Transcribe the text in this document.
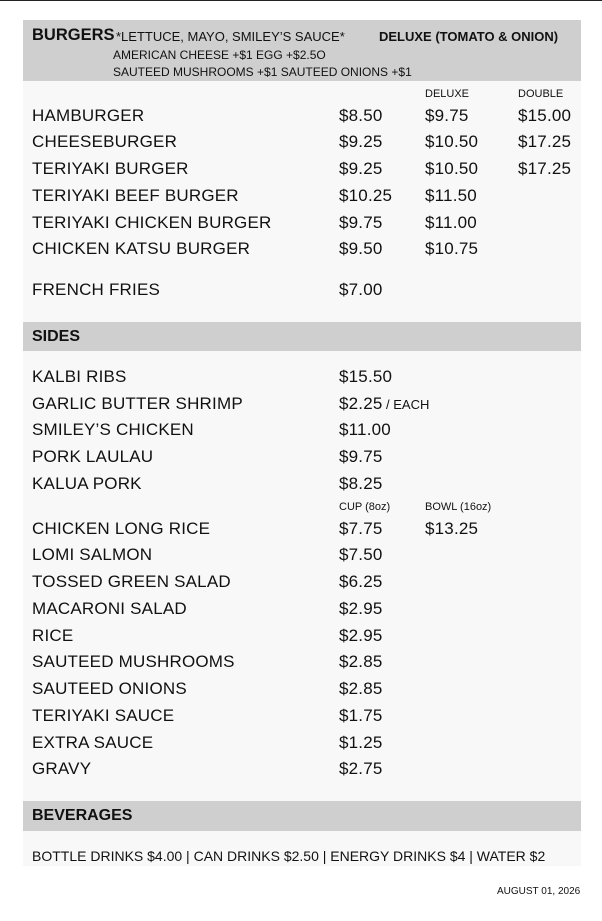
BURGERS *LETTUCE, MAYO, SMILEY’S SAUCE*	DELUXE (TOMATO & ONION)
AMERICAN CHEESE +$1 EGG +$2.5O
SAUTEED MUSHROOMS +$1 SAUTEED ONIONS +$1
DELUXE	DOUBLE
HAMBURGER	$8.50 $9.75	$15.00
CHEESEBURGER	$9.25 $10.50 $17.25
TERIYAKI BURGER	$9.25 $10.50 $17.25
TERIYAKI BEEF BURGER	$10.25 $11.50
TERIYAKI CHICKEN BURGER	$9.75 $11.00
CHICKEN KATSU BURGER	$9.50 $10.75
FRENCH FRIES	$7.00
SIDES
KALBI RIBS	$15.50
GARLIC BUTTER SHRIMP	$2.25 / EACH
SMILEY’S CHICKEN	$11.00
PORK LAULAU	$9.75
KALUA PORK	$8.25
CUP (8oz)	BOWL (16oz)
CHICKEN LONG RICE	$7.75 $13.25
LOMI SALMON	$7.50
TOSSED GREEN SALAD	$6.25
MACARONI SALAD	$2.95
RICE	$2.95
SAUTEED MUSHROOMS	$2.85
SAUTEED ONIONS	$2.85
TERIYAKI SAUCE	$1.75
EXTRA SAUCE	$1.25
GRAVY	$2.75
BEVERAGES
BOTTLE DRINKS $4.00 | CAN DRINKS $2.50 | ENERGY DRINKS $4 | WATER $2
AUGUST 01, 2026
